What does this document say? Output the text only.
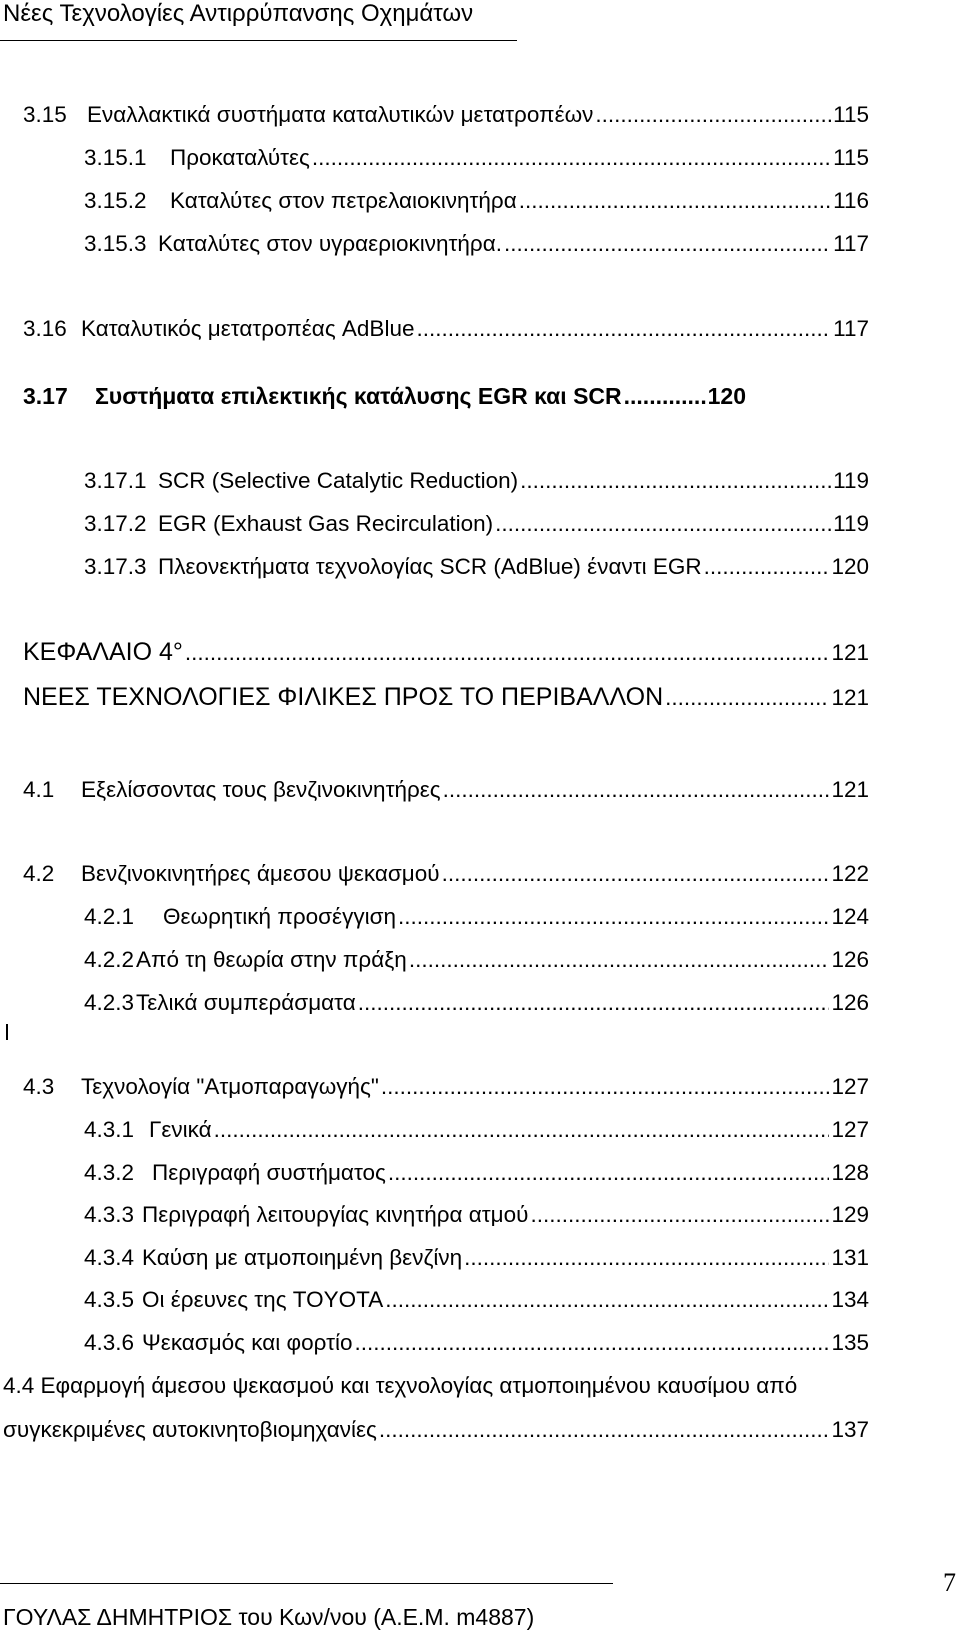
Νέες Τεχνολογίες Αντιρρύπανσης Οχημάτων
3.15 Εναλλακτικά συστήματα καταλυτικών μετατροπέων .....	115
3.15.1	Προκαταλύτες .....	115
3.15.2	Καταλύτες στον πετρελαιοκινητήρα .....	116
3.15.3 Καταλύτες στον υγραεριοκινητήρα. .....	117
3.16 Καταλυτικός μετατροπέας AdBlue .....	117
3.17	Συστήματα επιλεκτικής κατάλυσης EGR και SCR .....	120
3.17.1 SCR (Selective Catalytic Reduction) .....	119
3.17.2 EGR (Exhaust Gas Recirculation) .....	119
3.17.3 Πλεονεκτήματα τεχνολογίας SCR (AdBlue) έναντι EGR .....	120
ΚΕΦΑΛΑΙΟ 4° .....	121
ΝΕΕΣ ΤΕΧΝΟΛΟΓΙΕΣ ΦΙΛΙΚΕΣ ΠΡΟΣ ΤΟ ΠΕΡΙΒΑΛΛΟΝ .....	121
4.1	Εξελίσσοντας τους βενζινοκινητήρες .....	121
4.2	Βενζινοκινητήρες άμεσου ψεκασμού .....	122
4.2.1	Θεωρητική προσέγγιση .....	124
4.2.2 Από τη θεωρία στην πράξη .....	126
4.2.3 Τελικά συμπεράσματα .....	126
4.3	Τεχνολογία "Ατμοπαραγωγής" .....	127
4.3.1 Γενικά .....	127
4.3.2 Περιγραφή συστήματος .....	128
4.3.3 Περιγραφή λειτουργίας κινητήρα ατμού .....	129
4.3.4 Καύση με ατμοποιημένη βενζίνη .....	131
4.3.5 Οι έρευνες της TOYOTA .....	134
4.3.6 Ψεκασμός και φορτίο .....	135
4.4 Εφαρμογή άμεσου ψεκασμού και τεχνολογίας ατμοποιημένου καυσίμου από
συγκεκριμένες αυτοκινητοβιομηχανίες .....	137
ΓΟΥΛΑΣ ΔΗΜΗΤΡΙΟΣ του Κων/νου (Α.Ε.Μ. m4887)
7
